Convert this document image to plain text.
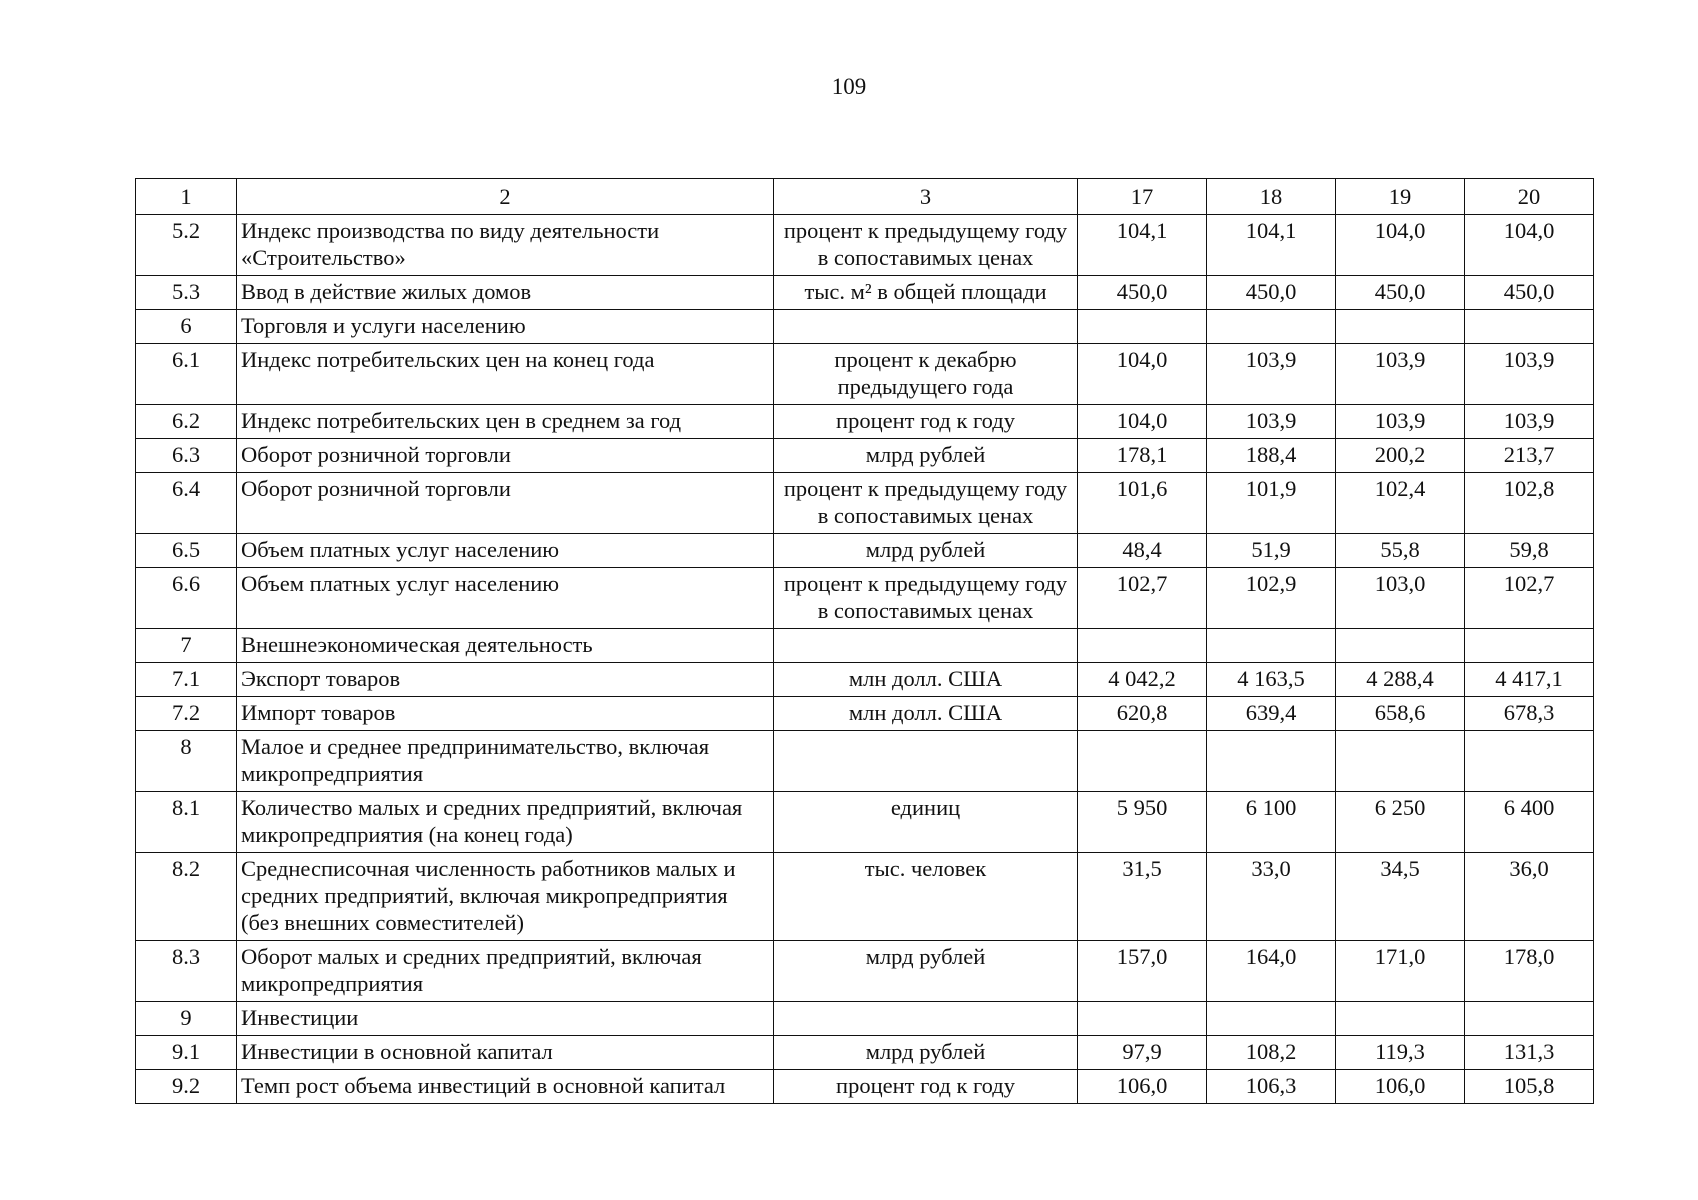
109
1	2	3	17	18	19	20
5.2	Индекс производства по виду деятельности «Строительство»	процент к предыдущему году в сопоставимых ценах	104,1	104,1	104,0	104,0
5.3	Ввод в действие жилых домов	тыс. м² в общей площади	450,0	450,0	450,0	450,0
6	Торговля и услуги населению					
6.1	Индекс потребительских цен на конец года	процент к декабрю предыдущего года	104,0	103,9	103,9	103,9
6.2	Индекс потребительских цен в среднем за год	процент год к году	104,0	103,9	103,9	103,9
6.3	Оборот розничной торговли	млрд рублей	178,1	188,4	200,2	213,7
6.4	Оборот розничной торговли	процент к предыдущему году в сопоставимых ценах	101,6	101,9	102,4	102,8
6.5	Объем платных услуг населению	млрд рублей	48,4	51,9	55,8	59,8
6.6	Объем платных услуг населению	процент к предыдущему году в сопоставимых ценах	102,7	102,9	103,0	102,7
7	Внешнеэкономическая деятельность					
7.1	Экспорт товаров	млн долл. США	4 042,2	4 163,5	4 288,4	4 417,1
7.2	Импорт товаров	млн долл. США	620,8	639,4	658,6	678,3
8	Малое и среднее предпринимательство, включая микропредприятия					
8.1	Количество малых и средних предприятий, включая микропредприятия (на конец года)	единиц	5 950	6 100	6 250	6 400
8.2	Среднесписочная численность работников малых и средних предприятий, включая микропредприятия (без внешних совместителей)	тыс. человек	31,5	33,0	34,5	36,0
8.3	Оборот малых и средних предприятий, включая микропредприятия	млрд рублей	157,0	164,0	171,0	178,0
9	Инвестиции					
9.1	Инвестиции в основной капитал	млрд рублей	97,9	108,2	119,3	131,3
9.2	Темп рост объема инвестиций в основной капитал	процент год к году	106,0	106,3	106,0	105,8
